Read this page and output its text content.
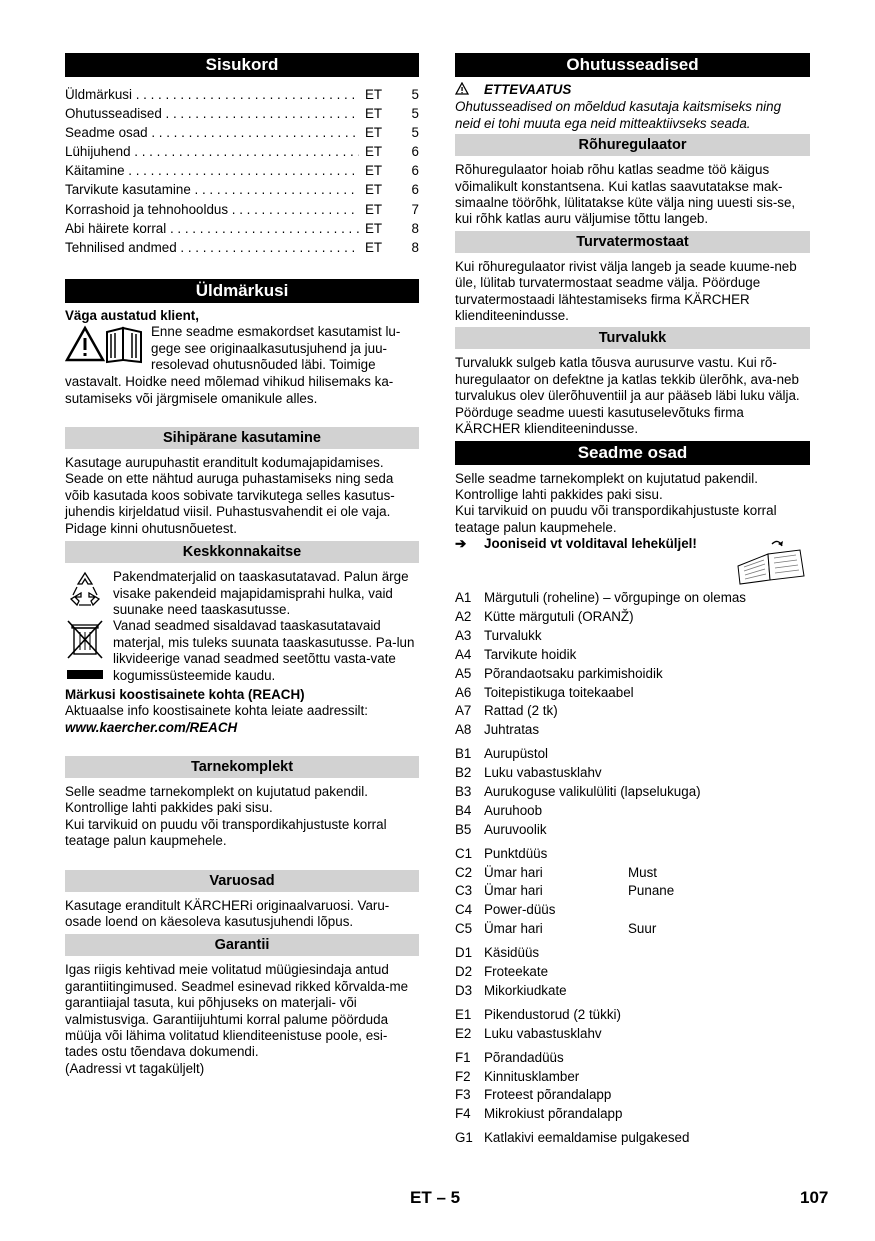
Sisukord
Üldmärkusi . . .	ET	5
Ohutusseadised . . .	ET	5
Seadme osad . . .	ET	5
Lühijuhend . . .	ET	6
Käitamine . . .	ET	6
Tarvikute kasutamine . . .	ET	6
Korrashoid ja tehnohooldus . . .	ET	7
Abi häirete korral . . .	ET	8
Tehnilised andmed . . .	ET	8
Üldmärkusi

Väga austatud klient,

Enne seadme esmakordset kasutamist lu-

gege see originaalkasutusjuhend ja juu-

resolevad ohutusnõuded läbi. Toimige

vastavalt. Hoidke need mõlemad vihikud hilisemaks ka-sutamiseks või järgmisele omanikule alles.

Sihipärane kasutamine

Kasutage aurupuhastit eranditult kodumajapidamises. Seade on ette nähtud auruga puhastamiseks ning seda võib kasutada koos sobivate tarvikutega selles kasutus-juhendis kirjeldatud viisil. Puhastusvahendit ei ole vaja. Pidage kinni ohutusnõuetest.

Keskkonnakaitse

Pakendmaterjalid on taaskasutatavad. Palun ärge visake pakendeid majapidamisprahi hulka, vaid suunake need taaskasutusse.

Vanad seadmed sisaldavad taaskasutatavaid materjal, mis tuleks suunata taaskasutusse. Pa-lun likvideerige vanad seadmed seetõttu vasta-vate kogumissüsteemide kaudu.

Märkusi koostisainete kohta (REACH)

Aktuaalse info koostisainete kohta leiate aadressilt:

www.kaercher.com/REACH

Tarnekomplekt

Selle seadme tarnekomplekt on kujutatud pakendil. Kontrollige lahti pakkides paki sisu.

Kui tarvikuid on puudu või transpordikahjustuste korral teatage palun kaupmehele.

Varuosad

Kasutage eranditult KÄRCHERi originaalvaruosi. Varu-osade loend on käesoleva kasutusjuhendi lõpus.

Garantii

Igas riigis kehtivad meie volitatud müügiesindaja antud garantiitingimused. Seadmel esinevad rikked kõrvalda-me garantiiajal tasuta, kui põhjuseks on materjali- või valmistusviga. Garantiijuhtumi korral palume pöörduda müüja või lähima volitatud klienditeenistuse poole, esi-tades ostu tõendava dokumendi.

(Aadressi vt tagaküljelt)

Ohutusseadised
ETTEVAATUS

Ohutusseadised on mõeldud kasutaja kaitsmiseks ning neid ei tohi muuta ega neid mitteaktiivseks seada.

Rõhuregulaator

Rõhuregulaator hoiab rõhu katlas seadme töö käigus võimalikult konstantsena. Kui katlas saavutatakse mak-simaalne töörõhk, lülitatakse küte välja ning uuesti sis-se, kui rõhk katlas auru väljumise tõttu langeb.

Turvatermostaat

Kui rõhuregulaator rivist välja langeb ja seade kuume-neb üle, lülitab turvatermostaat seadme välja. Pöörduge turvatermostaadi lähtestamiseks firma KÄRCHER klienditeenindusse.

Turvalukk

Turvalukk sulgeb katla tõusva aurusurve vastu. Kui rõ-huregulaator on defektne ja katlas tekkib ülerõhk, ava-neb turvalukus olev ülerõhuventiil ja aur pääseb läbi luku välja.

Pöörduge seadme uuesti kasutuselevõtuks firma KÄRCHER klienditeenindusse.

Seadme osad

Selle seadme tarnekomplekt on kujutatud pakendil. Kontrollige lahti pakkides paki sisu.

Kui tarvikuid on puudu või transpordikahjustuste korral teatage palun kaupmehele.

➔	Jooniseid vt volditaval leheküljel!
A1 Märgutuli (roheline) – võrgupinge on olemas
A2 Kütte märgutuli (ORANŽ)
A3 Turvalukk
A4 Tarvikute hoidik
A5 Põrandaotsaku parkimishoidik
A6 Toitepistikuga toitekaabel
A7 Rattad (2 tk)
A8 Juhtratas
B1 Aurupüstol
B2 Luku vabastusklahv
B3 Aurukoguse valikulüliti (lapselukuga)
B4 Auruhoob
B5 Auruvoolik
C1 Punktdüüs
C2 Ümar hari	Must
C3 Ümar hari	Punane
C4 Power-düüs
C5 Ümar hari	Suur
D1 Käsidüüs
D2 Froteekate
D3 Mikorkiudkate
E1 Pikendustorud (2 tükki)
E2 Luku vabastusklahv
F1 Põrandadüüs
F2 Kinnitusklamber
F3 Froteest põrandalapp
F4 Mikrokiust põrandalapp
G1 Katlakivi eemaldamise pulgakesed
ET – 5	107
